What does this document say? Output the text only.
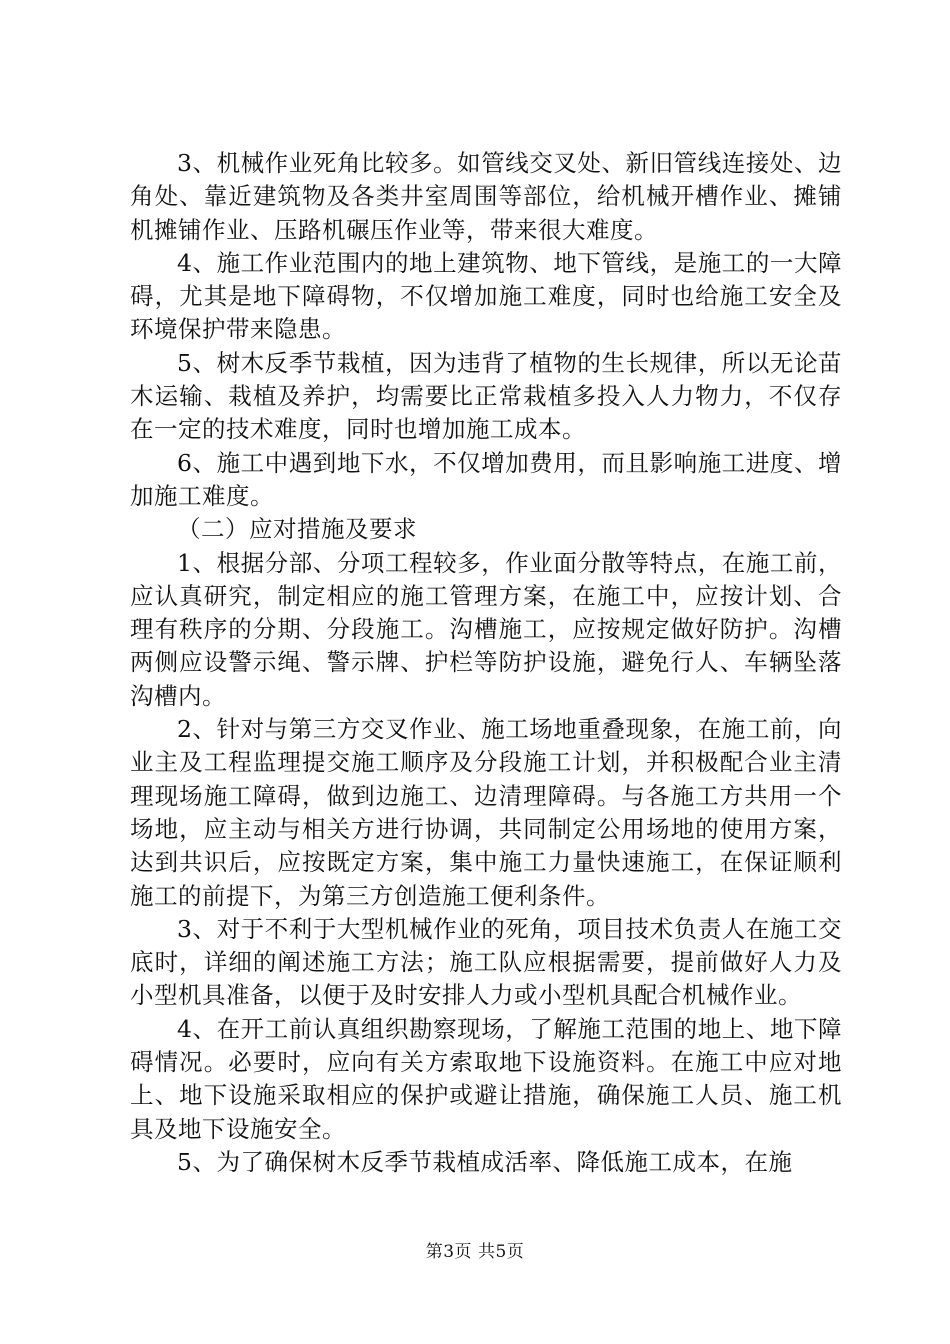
3、机械作业死角比较多。如管线交叉处、新旧管线连接处、边角处、靠近建筑物及各类井室周围等部位，给机械开槽作业、摊铺机摊铺作业、压路机碾压作业等，带来很大难度。

4、施工作业范围内的地上建筑物、地下管线，是施工的一大障碍，尤其是地下障碍物，不仅增加施工难度，同时也给施工安全及环境保护带来隐患。

5、树木反季节栽植，因为违背了植物的生长规律，所以无论苗木运输、栽植及养护，均需要比正常栽植多投入人力物力，不仅存在一定的技术难度，同时也增加施工成本。

6、施工中遇到地下水，不仅增加费用，而且影响施工进度、增加施工难度。

（二）应对措施及要求

1、根据分部、分项工程较多，作业面分散等特点，在施工前，应认真研究，制定相应的施工管理方案，在施工中，应按计划、合理有秩序的分期、分段施工。沟槽施工，应按规定做好防护。沟槽两侧应设警示绳、警示牌、护栏等防护设施，避免行人、车辆坠落沟槽内。

2、针对与第三方交叉作业、施工场地重叠现象，在施工前，向业主及工程监理提交施工顺序及分段施工计划，并积极配合业主清理现场施工障碍，做到边施工、边清理障碍。与各施工方共用一个场地，应主动与相关方进行协调，共同制定公用场地的使用方案，达到共识后，应按既定方案，集中施工力量快速施工，在保证顺利施工的前提下，为第三方创造施工便利条件。

3、对于不利于大型机械作业的死角，项目技术负责人在施工交底时，详细的阐述施工方法；施工队应根据需要，提前做好人力及小型机具准备，以便于及时安排人力或小型机具配合机械作业。

4、在开工前认真组织勘察现场，了解施工范围的地上、地下障碍情况。必要时，应向有关方索取地下设施资料。在施工中应对地上、地下设施采取相应的保护或避让措施，确保施工人员、施工机具及地下设施安全。

5、为了确保树木反季节栽植成活率、降低施工成本，在施

第3页 共5页
